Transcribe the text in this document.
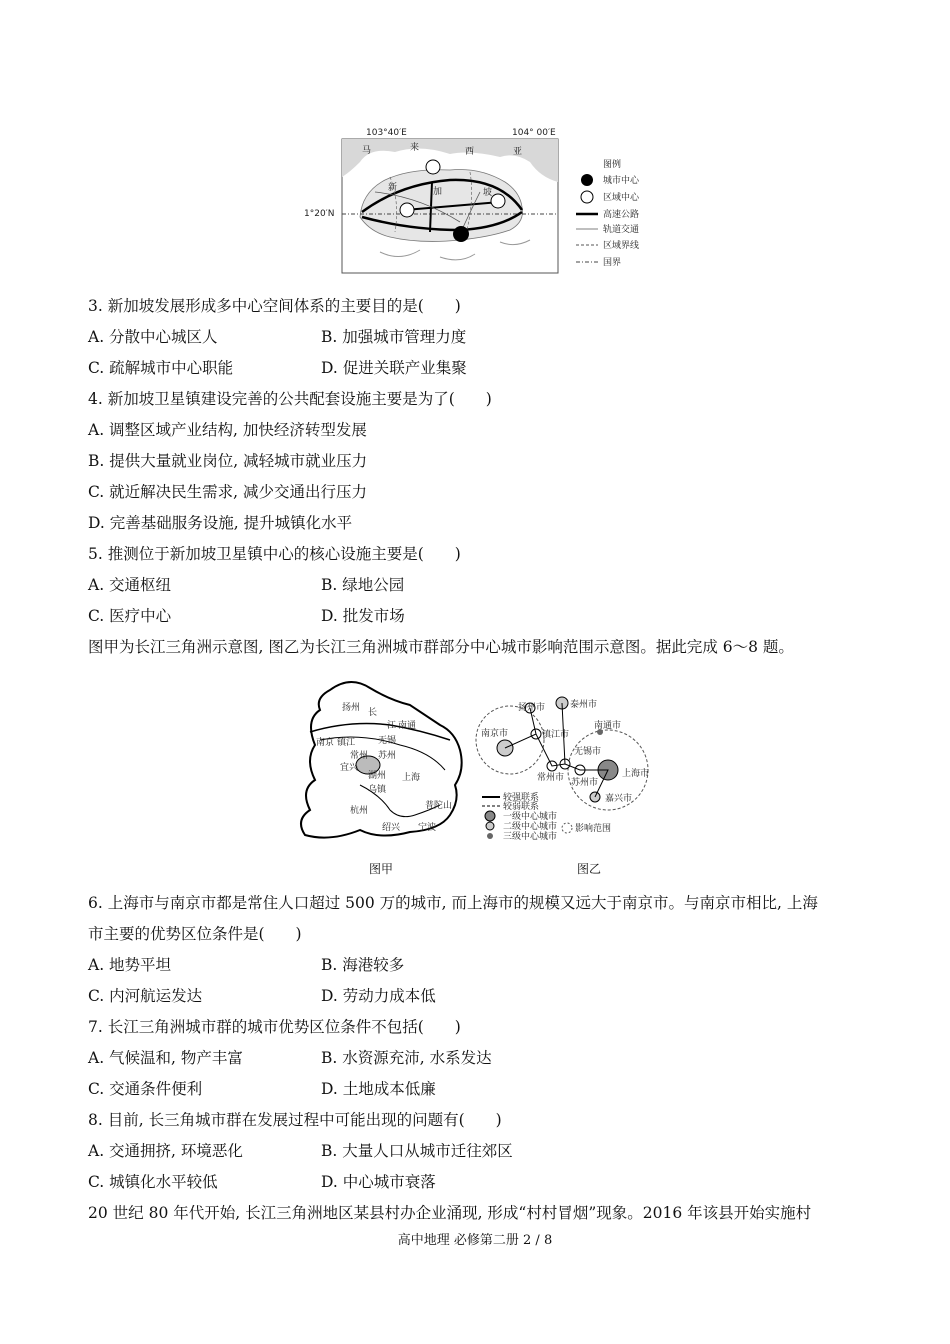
103°40′E	104° 00′E
1°20′N
马	来	西	亚
新	加	坡
图例
城市中心
区域中心
高速公路
轨道交通
区域界线
国界
3. 新加坡发展形成多中心空间体系的主要目的是(　　)
A. 分散中心城区人	B. 加强城市管理力度
C. 疏解城市中心职能	D. 促进关联产业集聚
4. 新加坡卫星镇建设完善的公共配套设施主要是为了(　　)
A. 调整区域产业结构, 加快经济转型发展
B. 提供大量就业岗位, 减轻城市就业压力
C. 就近解决民生需求, 减少交通出行压力
D. 完善基础服务设施, 提升城镇化水平
5. 推测位于新加坡卫星镇中心的核心设施主要是(　　)
A. 交通枢纽	B. 绿地公园
C. 医疗中心	D. 批发市场
图甲为长江三角洲示意图, 图乙为长江三角洲城市群部分中心城市影响范围示意图。据此完成 6～8 题。
扬州 长
江 南通
南京 镇江	无锡
常州 苏州
宜兴
湖州 上海
乌镇
杭州	普陀山
绍兴 宁波
扬州市	泰州市
南京市	镇江市
南通市
无锡市
常州市	上海市
苏州市
嘉兴市
较强联系
较弱联系
一级中心城市
二级中心城市
三级中心城市
影响范围
图甲	图乙
6. 上海市与南京市都是常住人口超过 500 万的城市, 而上海市的规模又远大于南京市。与南京市相比, 上海
市主要的优势区位条件是(　　)
A. 地势平坦	B. 海港较多
C. 内河航运发达	D. 劳动力成本低
7. 长江三角洲城市群的城市优势区位条件不包括(　　)
A. 气候温和, 物产丰富	B. 水资源充沛, 水系发达
C. 交通条件便利	D. 土地成本低廉
8. 目前, 长三角城市群在发展过程中可能出现的问题有(　　)
A. 交通拥挤, 环境恶化	B. 大量人口从城市迁往郊区
C. 城镇化水平较低	D. 中心城市衰落
20 世纪 80 年代开始, 长江三角洲地区某县村办企业涌现, 形成“村村冒烟”现象。2016 年该县开始实施村
高中地理 必修第二册 2 / 8
